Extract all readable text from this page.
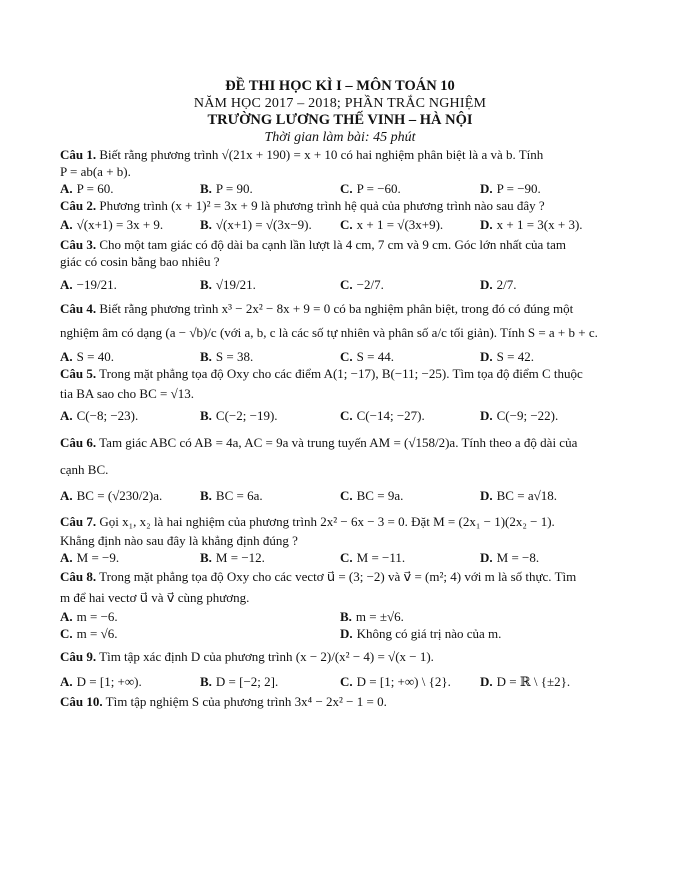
ĐỀ THI HỌC KÌ I – MÔN TOÁN 10
NĂM HỌC 2017 – 2018; PHẦN TRẮC NGHIỆM
TRƯỜNG LƯƠNG THẾ VINH – HÀ NỘI
Thời gian làm bài: 45 phút
Câu 1. Biết rằng phương trình √(21x + 190) = x + 10 có hai nghiệm phân biệt là a và b. Tính
P = ab(a + b).
A. P = 60.	B. P = 90.	C. P = −60.	D. P = −90.
Câu 2. Phương trình (x + 1)² = 3x + 9 là phương trình hệ quả của phương trình nào sau đây ?
A. √(x+1) = 3x + 9.	B. √(x+1) = √(3x−9).	C. x + 1 = √(3x+9).	D. x + 1 = 3(x + 3).
Câu 3. Cho một tam giác có độ dài ba cạnh lần lượt là 4 cm, 7 cm và 9 cm. Góc lớn nhất của tam
giác có cosin bằng bao nhiêu ?
A. −19/21.	B. √19/21.	C. −2/7.	D. 2/7.
Câu 4. Biết rằng phương trình x³ − 2x² − 8x + 9 = 0 có ba nghiệm phân biệt, trong đó có đúng một
nghiệm âm có dạng (a − √b)/c (với a, b, c là các số tự nhiên và phân số a/c tối giản). Tính S = a + b + c.
A. S = 40.	B. S = 38.	C. S = 44.	D. S = 42.
Câu 5. Trong mặt phẳng tọa độ Oxy cho các điểm A(1; −17), B(−11; −25). Tìm tọa độ điểm C thuộc
tia BA sao cho BC = √13.
A. C(−8; −23).	B. C(−2; −19).	C. C(−14; −27).	D. C(−9; −22).
Câu 6. Tam giác ABC có AB = 4a, AC = 9a và trung tuyến AM = (√158/2)a. Tính theo a độ dài của
cạnh BC.
A. BC = (√230/2)a.	B. BC = 6a.	C. BC = 9a.	D. BC = a√18.
Câu 7. Gọi x₁, x₂ là hai nghiệm của phương trình 2x² − 6x − 3 = 0. Đặt M = (2x₁ − 1)(2x₂ − 1).
Khẳng định nào sau đây là khẳng định đúng ?
A. M = −9.	B. M = −12.	C. M = −11.	D. M = −8.
Câu 8. Trong mặt phẳng tọa độ Oxy cho các vectơ u⃗ = (3; −2) và v⃗ = (m²; 4) với m là số thực. Tìm
m để hai vectơ u⃗ và v⃗ cùng phương.
A. m = −6.	B. m = ±√6.
C. m = √6.	D. Không có giá trị nào của m.
Câu 9. Tìm tập xác định D của phương trình (x − 2)/(x² − 4) = √(x − 1).
A. D = [1; +∞).	B. D = [−2; 2].	C. D = [1; +∞) \ {2}.	D. D = ℝ \ {±2}.
Câu 10. Tìm tập nghiệm S của phương trình 3x⁴ − 2x² − 1 = 0.
